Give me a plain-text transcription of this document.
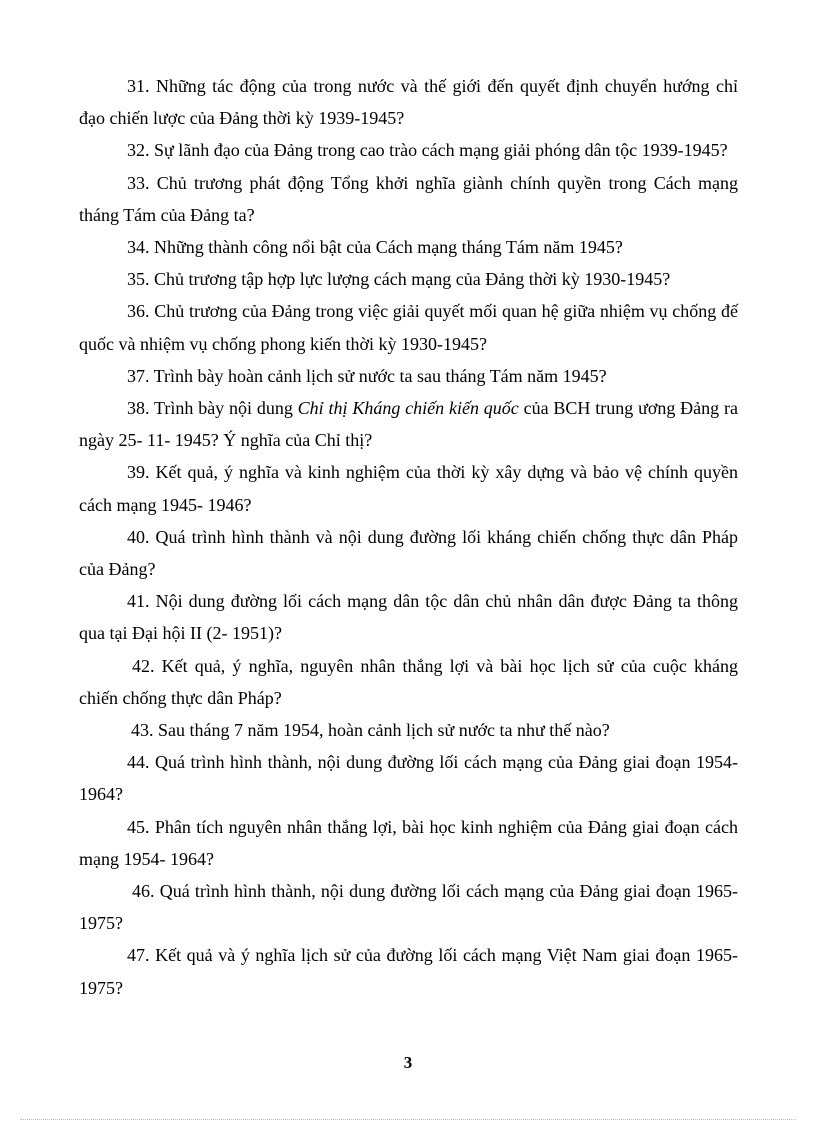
31. Những tác động của trong nước và thế giới đến quyết định chuyển hướng chỉ đạo chiến lược của Đảng thời kỳ 1939-1945?

32. Sự lãnh đạo của Đảng trong cao trào cách mạng giải phóng dân tộc 1939-1945?

33. Chủ trương phát động Tổng khởi nghĩa giành chính quyền trong Cách mạng tháng Tám của Đảng ta?

34. Những thành công nổi bật của Cách mạng tháng Tám năm 1945?

35. Chủ trương tập hợp lực lượng cách mạng của Đảng thời kỳ 1930-1945?

36. Chủ trương của Đảng trong việc giải quyết mối quan hệ giữa nhiệm vụ chống đế quốc và nhiệm vụ chống phong kiến thời kỳ 1930-1945?

37. Trình bày hoàn cảnh lịch sử nước ta sau tháng Tám năm 1945?

38. Trình bày nội dung Chỉ thị Kháng chiến kiến quốc của BCH trung ương Đảng ra ngày 25- 11- 1945? Ý nghĩa của Chỉ thị?

39. Kết quả, ý nghĩa và kinh nghiệm của thời kỳ xây dựng và bảo vệ chính quyền cách mạng 1945- 1946?

40. Quá trình hình thành và nội dung đường lối kháng chiến chống thực dân Pháp của Đảng?

41. Nội dung đường lối cách mạng dân tộc dân chủ nhân dân được Đảng ta thông qua tại Đại hội II (2- 1951)?

42. Kết quả, ý nghĩa, nguyên nhân thắng lợi và bài học lịch sử của cuộc kháng chiến chống thực dân Pháp?

43. Sau tháng 7 năm 1954, hoàn cảnh lịch sử nước ta như thế nào?

44. Quá trình hình thành, nội dung đường lối cách mạng của Đảng giai đoạn 1954- 1964?

45. Phân tích nguyên nhân thắng lợi, bài học kinh nghiệm của Đảng giai đoạn cách mạng 1954- 1964?

46. Quá trình hình thành, nội dung đường lối cách mạng của Đảng giai đoạn 1965-1975?

47. Kết quả và ý nghĩa lịch sử của đường lối cách mạng Việt Nam giai đoạn 1965-1975?

3
